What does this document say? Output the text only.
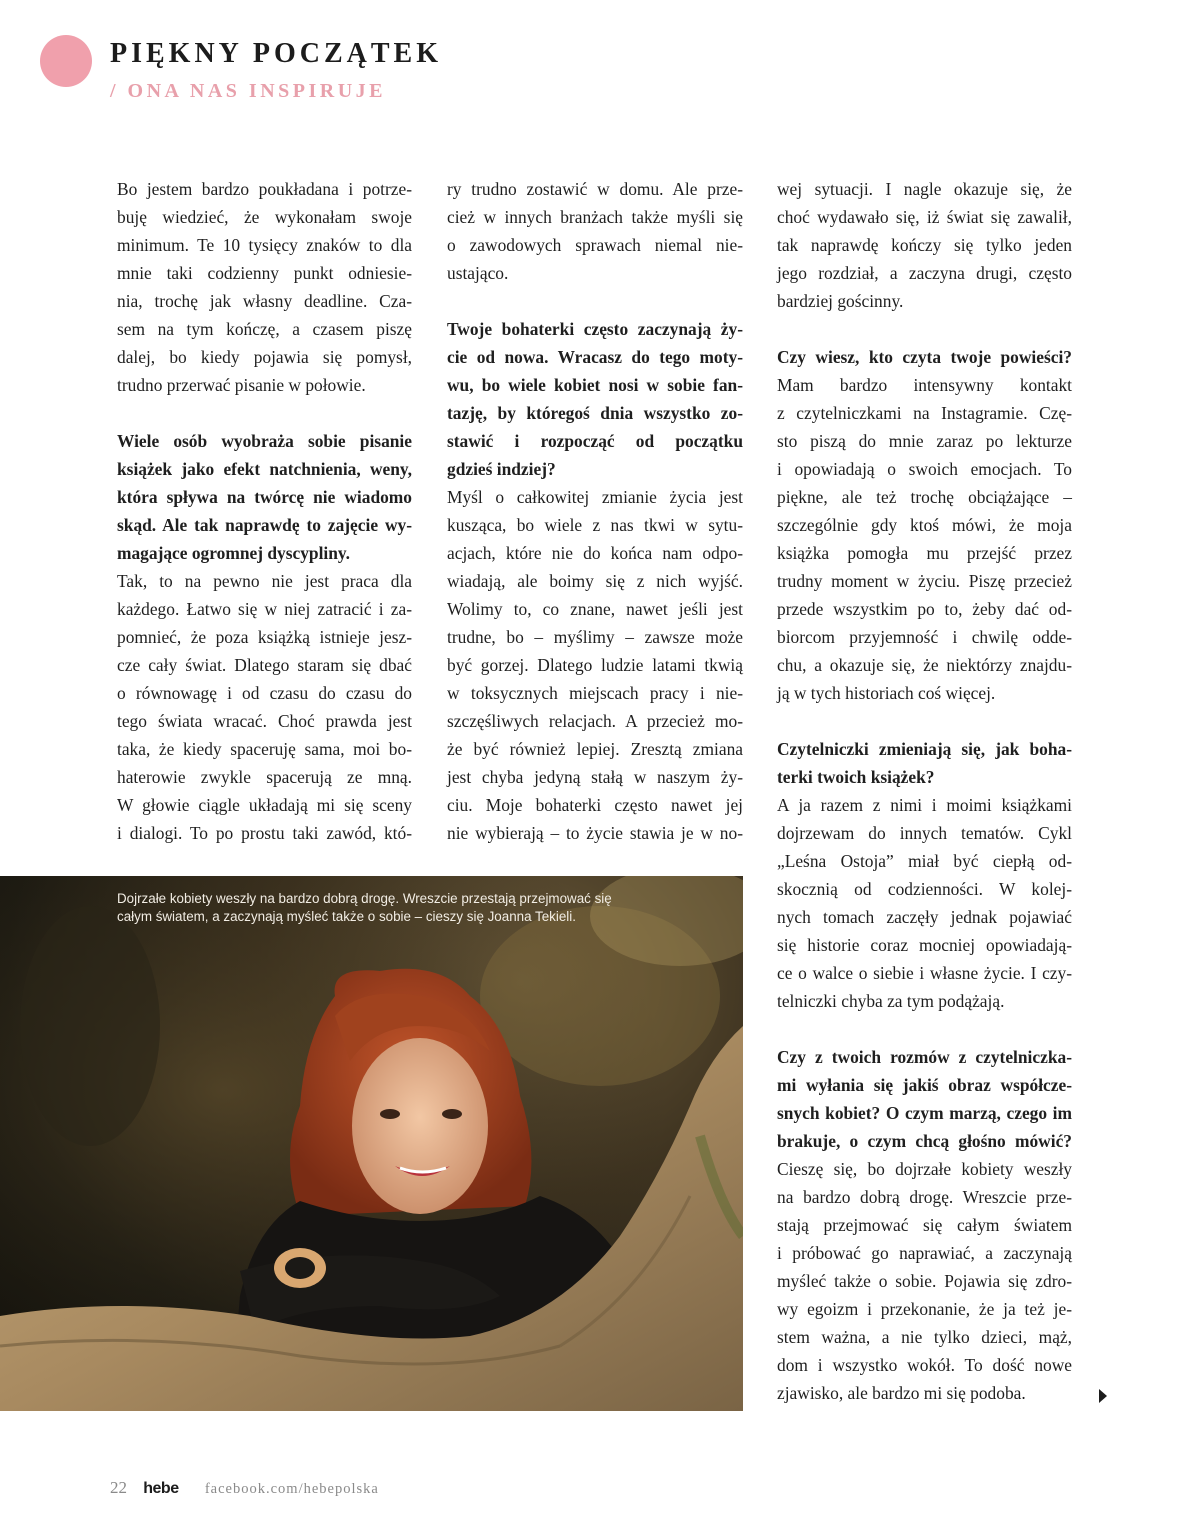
PIĘKNY POCZĄTEK
/ ONA NAS INSPIRUJE
Bo jestem bardzo poukładana i potrze-
buję wiedzieć, że wykonałam swoje
minimum. Te 10 tysięcy znaków to dla
mnie taki codzienny punkt odniesie-
nia, trochę jak własny deadline. Cza-
sem na tym kończę, a czasem piszę
dalej, bo kiedy pojawia się pomysł,
trudno przerwać pisanie w połowie.
Wiele osób wyobraża sobie pisanie
książek jako efekt natchnienia, weny,
która spływa na twórcę nie wiadomo
skąd. Ale tak naprawdę to zajęcie wy-
magające ogromnej dyscypliny.
Tak, to na pewno nie jest praca dla
każdego. Łatwo się w niej zatracić i za-
pomnieć, że poza książką istnieje jesz-
cze cały świat. Dlatego staram się dbać
o równowagę i od czasu do czasu do
tego świata wracać. Choć prawda jest
taka, że kiedy spaceruję sama, moi bo-
haterowie zwykle spacerują ze mną.
W głowie ciągle układają mi się sceny
i dialogi. To po prostu taki zawód, któ-
ry trudno zostawić w domu. Ale prze-
cież w innych branżach także myśli się
o zawodowych sprawach niemal nie-
ustająco.
Twoje bohaterki często zaczynają ży-
cie od nowa. Wracasz do tego moty-
wu, bo wiele kobiet nosi w sobie fan-
tazję, by któregoś dnia wszystko zo-
stawić i rozpocząć od początku
gdzieś indziej?
Myśl o całkowitej zmianie życia jest
kusząca, bo wiele z nas tkwi w sytu-
acjach, które nie do końca nam odpo-
wiadają, ale boimy się z nich wyjść.
Wolimy to, co znane, nawet jeśli jest
trudne, bo – myślimy – zawsze może
być gorzej. Dlatego ludzie latami tkwią
w toksycznych miejscach pracy i nie-
szczęśliwych relacjach. A przecież mo-
że być również lepiej. Zresztą zmiana
jest chyba jedyną stałą w naszym ży-
ciu. Moje bohaterki często nawet jej
nie wybierają – to życie stawia je w no-
wej sytuacji. I nagle okazuje się, że
choć wydawało się, iż świat się zawalił,
tak naprawdę kończy się tylko jeden
jego rozdział, a zaczyna drugi, często
bardziej gościnny.
Czy wiesz, kto czyta twoje powieści?
Mam bardzo intensywny kontakt
z czytelniczkami na Instagramie. Czę-
sto piszą do mnie zaraz po lekturze
i opowiadają o swoich emocjach. To
piękne, ale też trochę obciążające –
szczególnie gdy ktoś mówi, że moja
książka pomogła mu przejść przez
trudny moment w życiu. Piszę przecież
przede wszystkim po to, żeby dać od-
biorcom przyjemność i chwilę odde-
chu, a okazuje się, że niektórzy znajdu-
ją w tych historiach coś więcej.
Czytelniczki zmieniają się, jak boha-
terki twoich książek?
A ja razem z nimi i moimi książkami
dojrzewam do innych tematów. Cykl
„Leśna Ostoja” miał być ciepłą od-
skocznią od codzienności. W kolej-
nych tomach zaczęły jednak pojawiać
się historie coraz mocniej opowiadają-
ce o walce o siebie i własne życie. I czy-
telniczki chyba za tym podążają.
Czy z twoich rozmów z czytelniczka-
mi wyłania się jakiś obraz współcze-
snych kobiet? O czym marzą, czego im
brakuje, o czym chcą głośno mówić?
Cieszę się, bo dojrzałe kobiety weszły
na bardzo dobrą drogę. Wreszcie prze-
stają przejmować się całym światem
i próbować go naprawiać, a zaczynają
myśleć także o sobie. Pojawia się zdro-
wy egoizm i przekonanie, że ja też je-
stem ważna, a nie tylko dzieci, mąż,
dom i wszystko wokół. To dość nowe
zjawisko, ale bardzo mi się podoba.
Dojrzałe kobiety weszły na bardzo dobrą drogę. Wreszcie przestają przejmować się
całym światem, a zaczynają myśleć także o sobie – cieszy się Joanna Tekieli.
22 hebe facebook.com/hebepolska
